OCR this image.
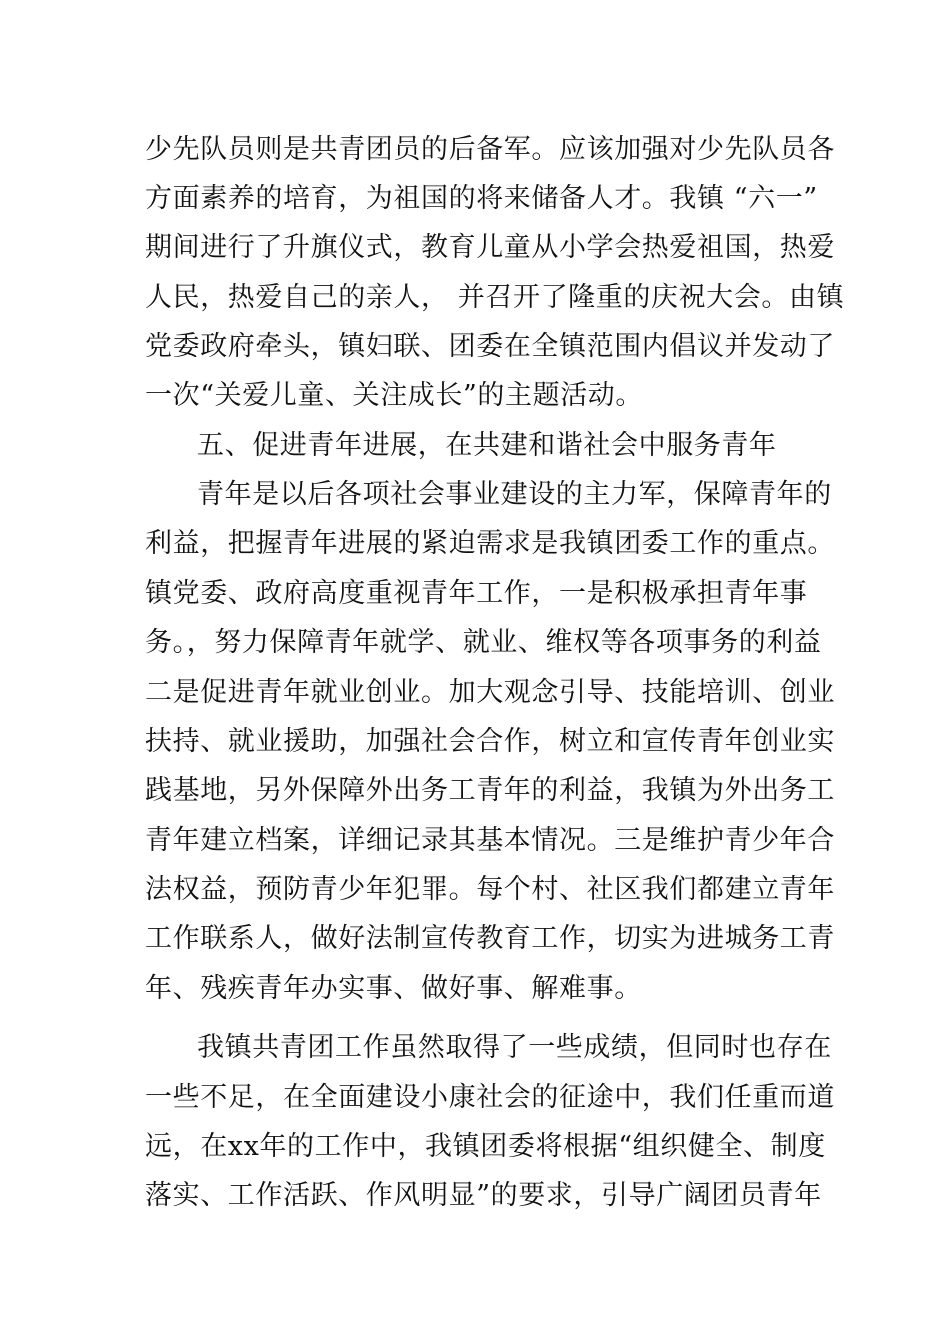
少先队员则是共青团员的后备军。应该加强对少先队员各
方面素养的培育，为祖国的将来储备人才。我镇 “六一”
期间进行了升旗仪式，教育儿童从小学会热爱祖国，热爱
人民，热爱自己的亲人， 并召开了隆重的庆祝大会。由镇
党委政府牵头，镇妇联、团委在全镇范围内倡议并发动了
一次“关爱儿童、关注成长”的主题活动。
五、促进青年进展，在共建和谐社会中服务青年
青年是以后各项社会事业建设的主力军，保障青年的
利益，把握青年进展的紧迫需求是我镇团委工作的重点。
镇党委、政府高度重视青年工作，一是积极承担青年事
务。，努力保障青年就学、就业、维权等各项事务的利益
二是促进青年就业创业。加大观念引导、技能培训、创业
扶持、就业援助，加强社会合作，树立和宣传青年创业实
践基地，另外保障外出务工青年的利益，我镇为外出务工
青年建立档案，详细记录其基本情况。三是维护青少年合
法权益，预防青少年犯罪。每个村、社区我们都建立青年
工作联系人，做好法制宣传教育工作，切实为进城务工青
年、残疾青年办实事、做好事、解难事。
我镇共青团工作虽然取得了一些成绩，但同时也存在
一些不足，在全面建设小康社会的征途中，我们任重而道
远，在xx年的工作中，我镇团委将根据“组织健全、制度
落实、工作活跃、作风明显”的要求，引导广阔团员青年
